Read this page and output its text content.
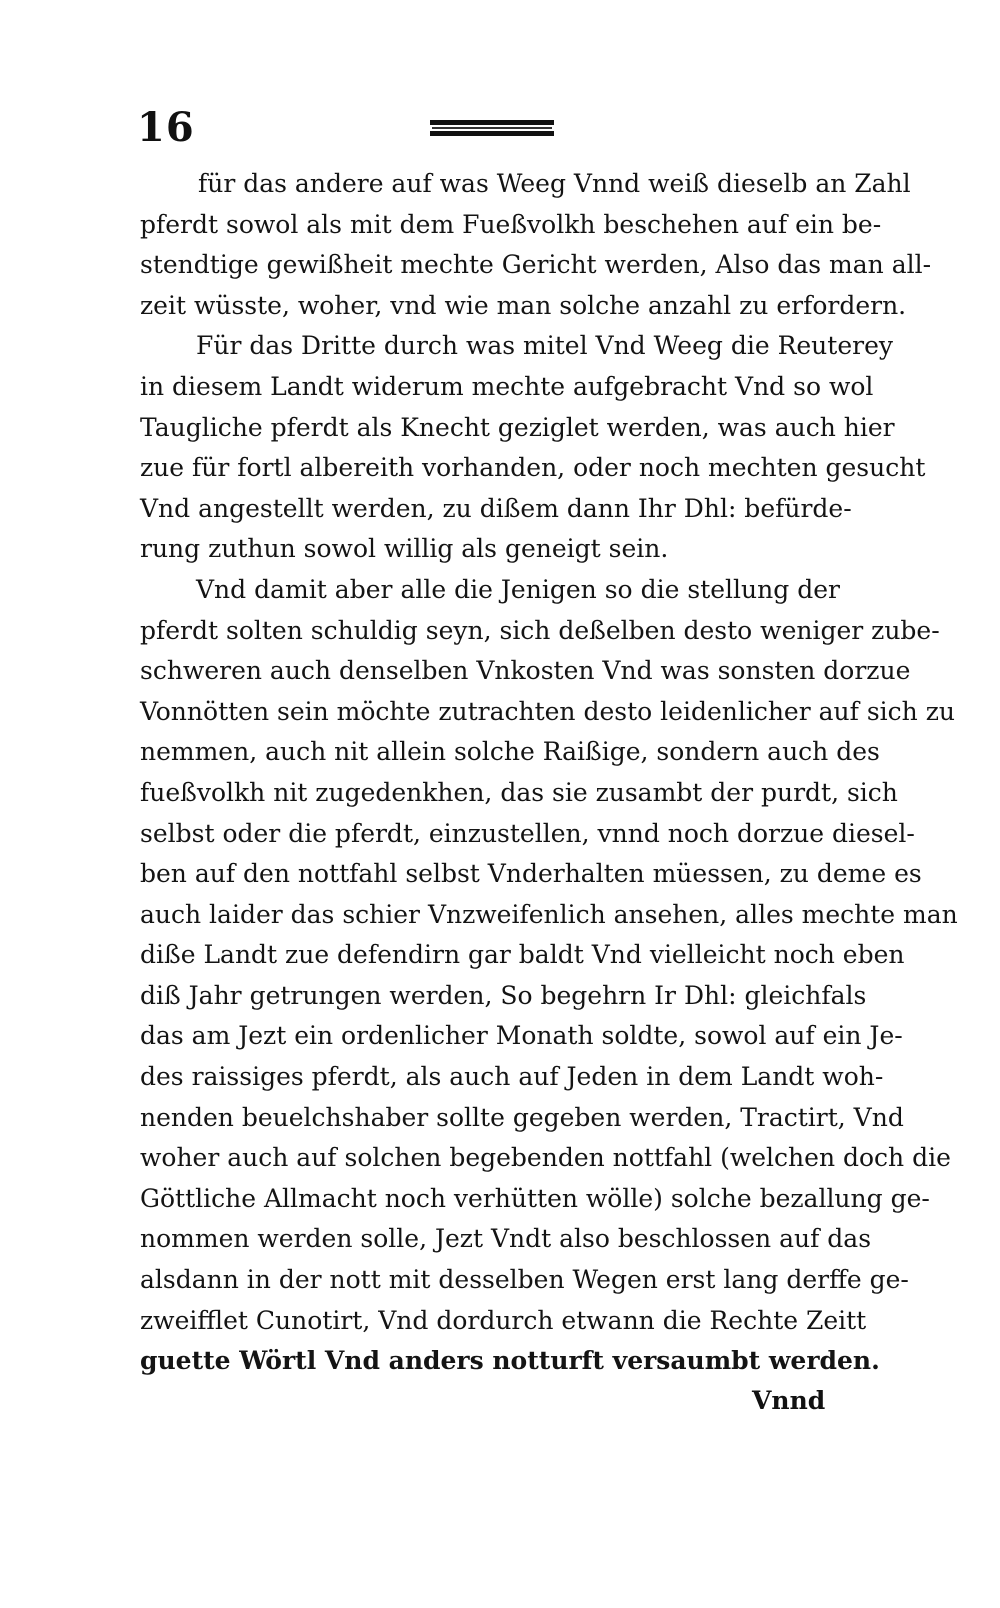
16
für das andere auf was Weeg Vnnd weiß dieselb an Zahl
pferdt sowol als mit dem Fueßvolkh beschehen auf ein be-
stendtige gewißheit mechte Gericht werden, Also das man all-
zeit wüsste, woher, vnd wie man solche anzahl zu erfordern.
Für das Dritte durch was mitel Vnd Weeg die Reuterey
in diesem Landt widerum mechte aufgebracht Vnd so wol
Taugliche pferdt als Knecht geziglet werden, was auch hier
zue für fortl albereith vorhanden, oder noch mechten gesucht
Vnd angestellt werden, zu dißem dann Ihr Dhl: befürde-
rung zuthun sowol willig als geneigt sein.
Vnd damit aber alle die Jenigen so die stellung der
pferdt solten schuldig seyn, sich deßelben desto weniger zube-
schweren auch denselben Vnkosten Vnd was sonsten dorzue
Vonnötten sein möchte zutrachten desto leidenlicher auf sich zu
nemmen, auch nit allein solche Raißige, sondern auch des
fueßvolkh nit zugedenkhen, das sie zusambt der purdt, sich
selbst oder die pferdt, einzustellen, vnnd noch dorzue diesel-
ben auf den nottfahl selbst Vnderhalten müessen, zu deme es
auch laider das schier Vnzweifenlich ansehen, alles mechte man
diße Landt zue defendirn gar baldt Vnd vielleicht noch eben
diß Jahr getrungen werden, So begehrn Ir Dhl: gleichfals
das am Jezt ein ordenlicher Monath soldte, sowol auf ein Je-
des raissiges pferdt, als auch auf Jeden in dem Landt woh-
nenden beuelchshaber sollte gegeben werden, Tractirt, Vnd
woher auch auf solchen begebenden nottfahl (welchen doch die
Göttliche Allmacht noch verhütten wölle) solche bezallung ge-
nommen werden solle, Jezt Vndt also beschlossen auf das
alsdann in der nott mit desselben Wegen erst lang derffe ge-
zweifflet Cunotirt, Vnd dordurch etwann die Rechte Zeitt
guette Wörtl Vnd anders notturft versaumbt werden.
Vnnd
